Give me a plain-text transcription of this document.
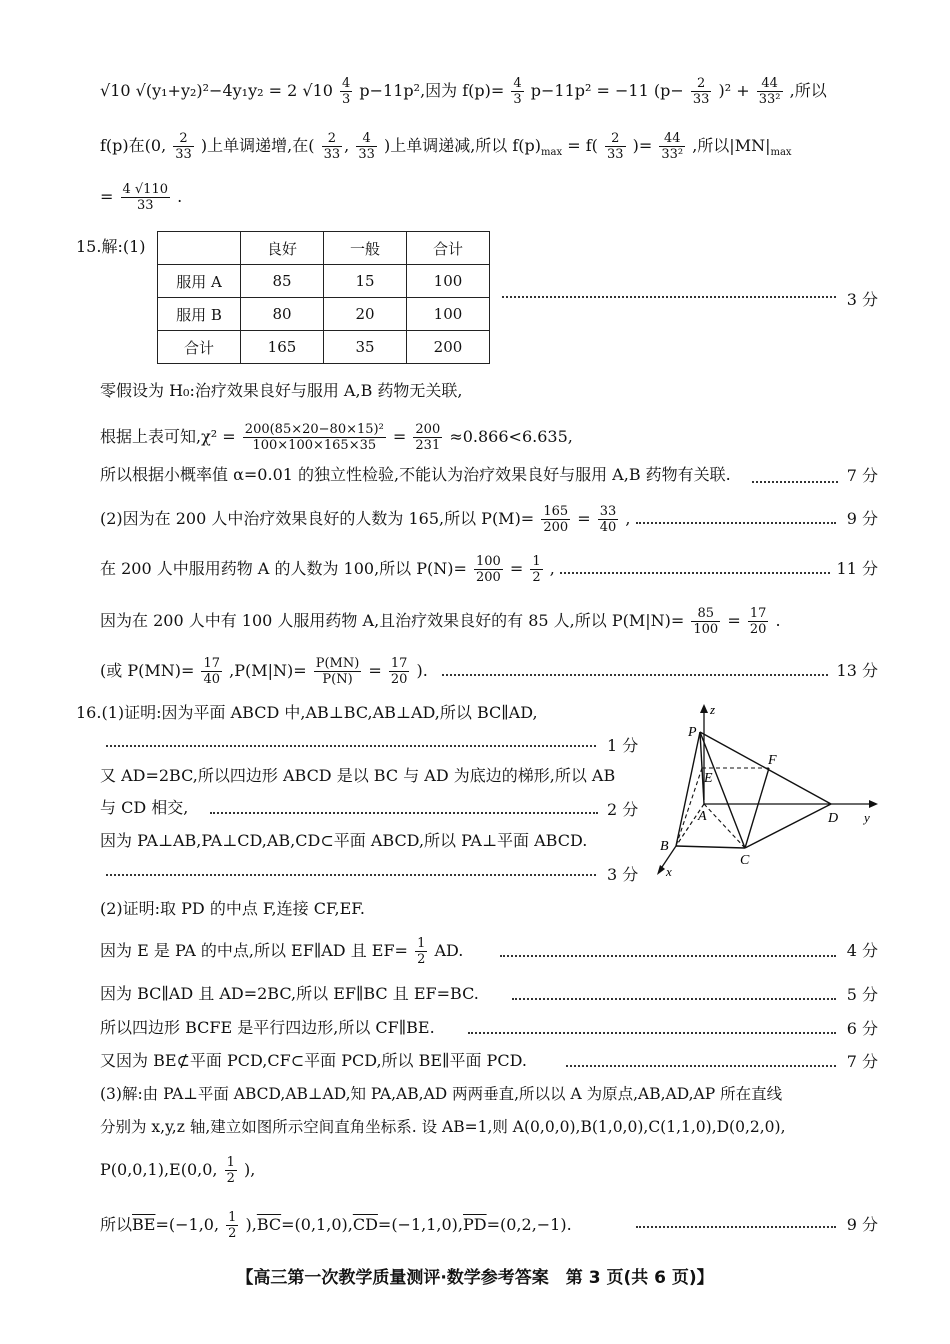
√10 √(y₁+y₂)²−4y₁y₂ = 2 $√10 \frac{4}{3} p-11p^2$,因为 $f(p)= \frac{4}{3} p-11p^2 = -11$ $(p- \frac{2}{33} )^2 + \frac{44}{\text{33²}}$ ,所以
f(p)在(0, $\frac{2}{33}$ )上单调递增,在( $\frac{2}{33}$ , $\frac{4}{33}$ )上单调递减,所以 $f(p)_{max} = f( \frac{2}{33}$ )= $\frac{44}{\text{33²}}$ ,所以$|MN|_{max}$
= $\frac{4 √110}{33}$ .
15.解:(1)
		良好	一般	合计
服用 A	85	15	100
服用 B	80	20	100
合计	165	35	200
3 分
零假设为 H₀:治疗效果良好与服用 A,B 药物无关联,
根据上表可知$,\chi^2 = \frac{\text{200(85×20−80×15)²}}{100\times 100\times 165\times 35} = \frac{200}{231} \approx 0.866<6.635$,
所以根据小概率值 α=0.01 的独立性检验,不能认为治疗效果良好与服用 A,B 药物有关联.	7 分
(2)因为在 200 人中治疗效果良好的人数为 165,所以 $P(M)= \frac{165}{200} = \frac{33}{40}$ ,	9 分
在 200 人中服用药物 A 的人数为 100,所以 $P(N)= \frac{100}{200} = \frac{1}{2}$ ,	11 分
因为在 200 人中有 100 人服用药物 A,且治疗效果良好的有 85 人,所以 $P(M|N)= \frac{85}{100} = \frac{17}{20}$ .
(或 $P(MN)= \frac{17}{40} ,P(M|N)= \frac{P(MN)}{P(N)} = \frac{17}{20}$ ).	13 分
16.(1)证明:因为平面 ABCD 中,AB⊥BC,AB⊥AD,所以 BC∥AD,
1 分
又 AD=2BC,所以四边形 ABCD 是以 BC 与 AD 为底边的梯形,所以 AB
与 CD 相交,	2 分
因为 PA⊥AB,PA⊥CD,AB,CD⊂平面 ABCD,所以 PA⊥平面 ABCD.
3 分
z
P
F
E
A	D y
B
C
x
(2)证明:取 PD 的中点 F,连接 CF,EF.
因为 E 是 PA 的中点,所以 EF∥AD 且 $EF= \frac{1}{2}$ AD.	4 分
因为 BC∥AD 且 AD=2BC,所以 EF∥BC 且 EF=BC.	5 分
所以四边形 BCFE 是平行四边形,所以 CF∥BE.	6 分
又因为 BE⊄平面 PCD,CF⊂平面 PCD,所以 BE∥平面 PCD.	7 分
(3)解:由 PA⊥平面 ABCD,AB⊥AD,知 PA,AB,AD 两两垂直,所以以 A 为原点,AB,AD,AP 所在直线
分别为 x,y,z 轴,建立如图所示空间直角坐标系. 设 AB=1,则 A(0,0,0),B(1,0,0),C(1,1,0),D(0,2,0),
P(0,0,1),E(0,0, $\frac{1}{2}$ ),
所以$\overline{BE}=(-1,0$, $\frac{1}{2} ),\overline{BC}=(0,1,0),\overline{CD}=(-1,1,0),\overline{PD}=(0,2,-1)$.	9 分
【高三第一次教学质量测评·数学参考答案　第 3 页(共 6 页)】
